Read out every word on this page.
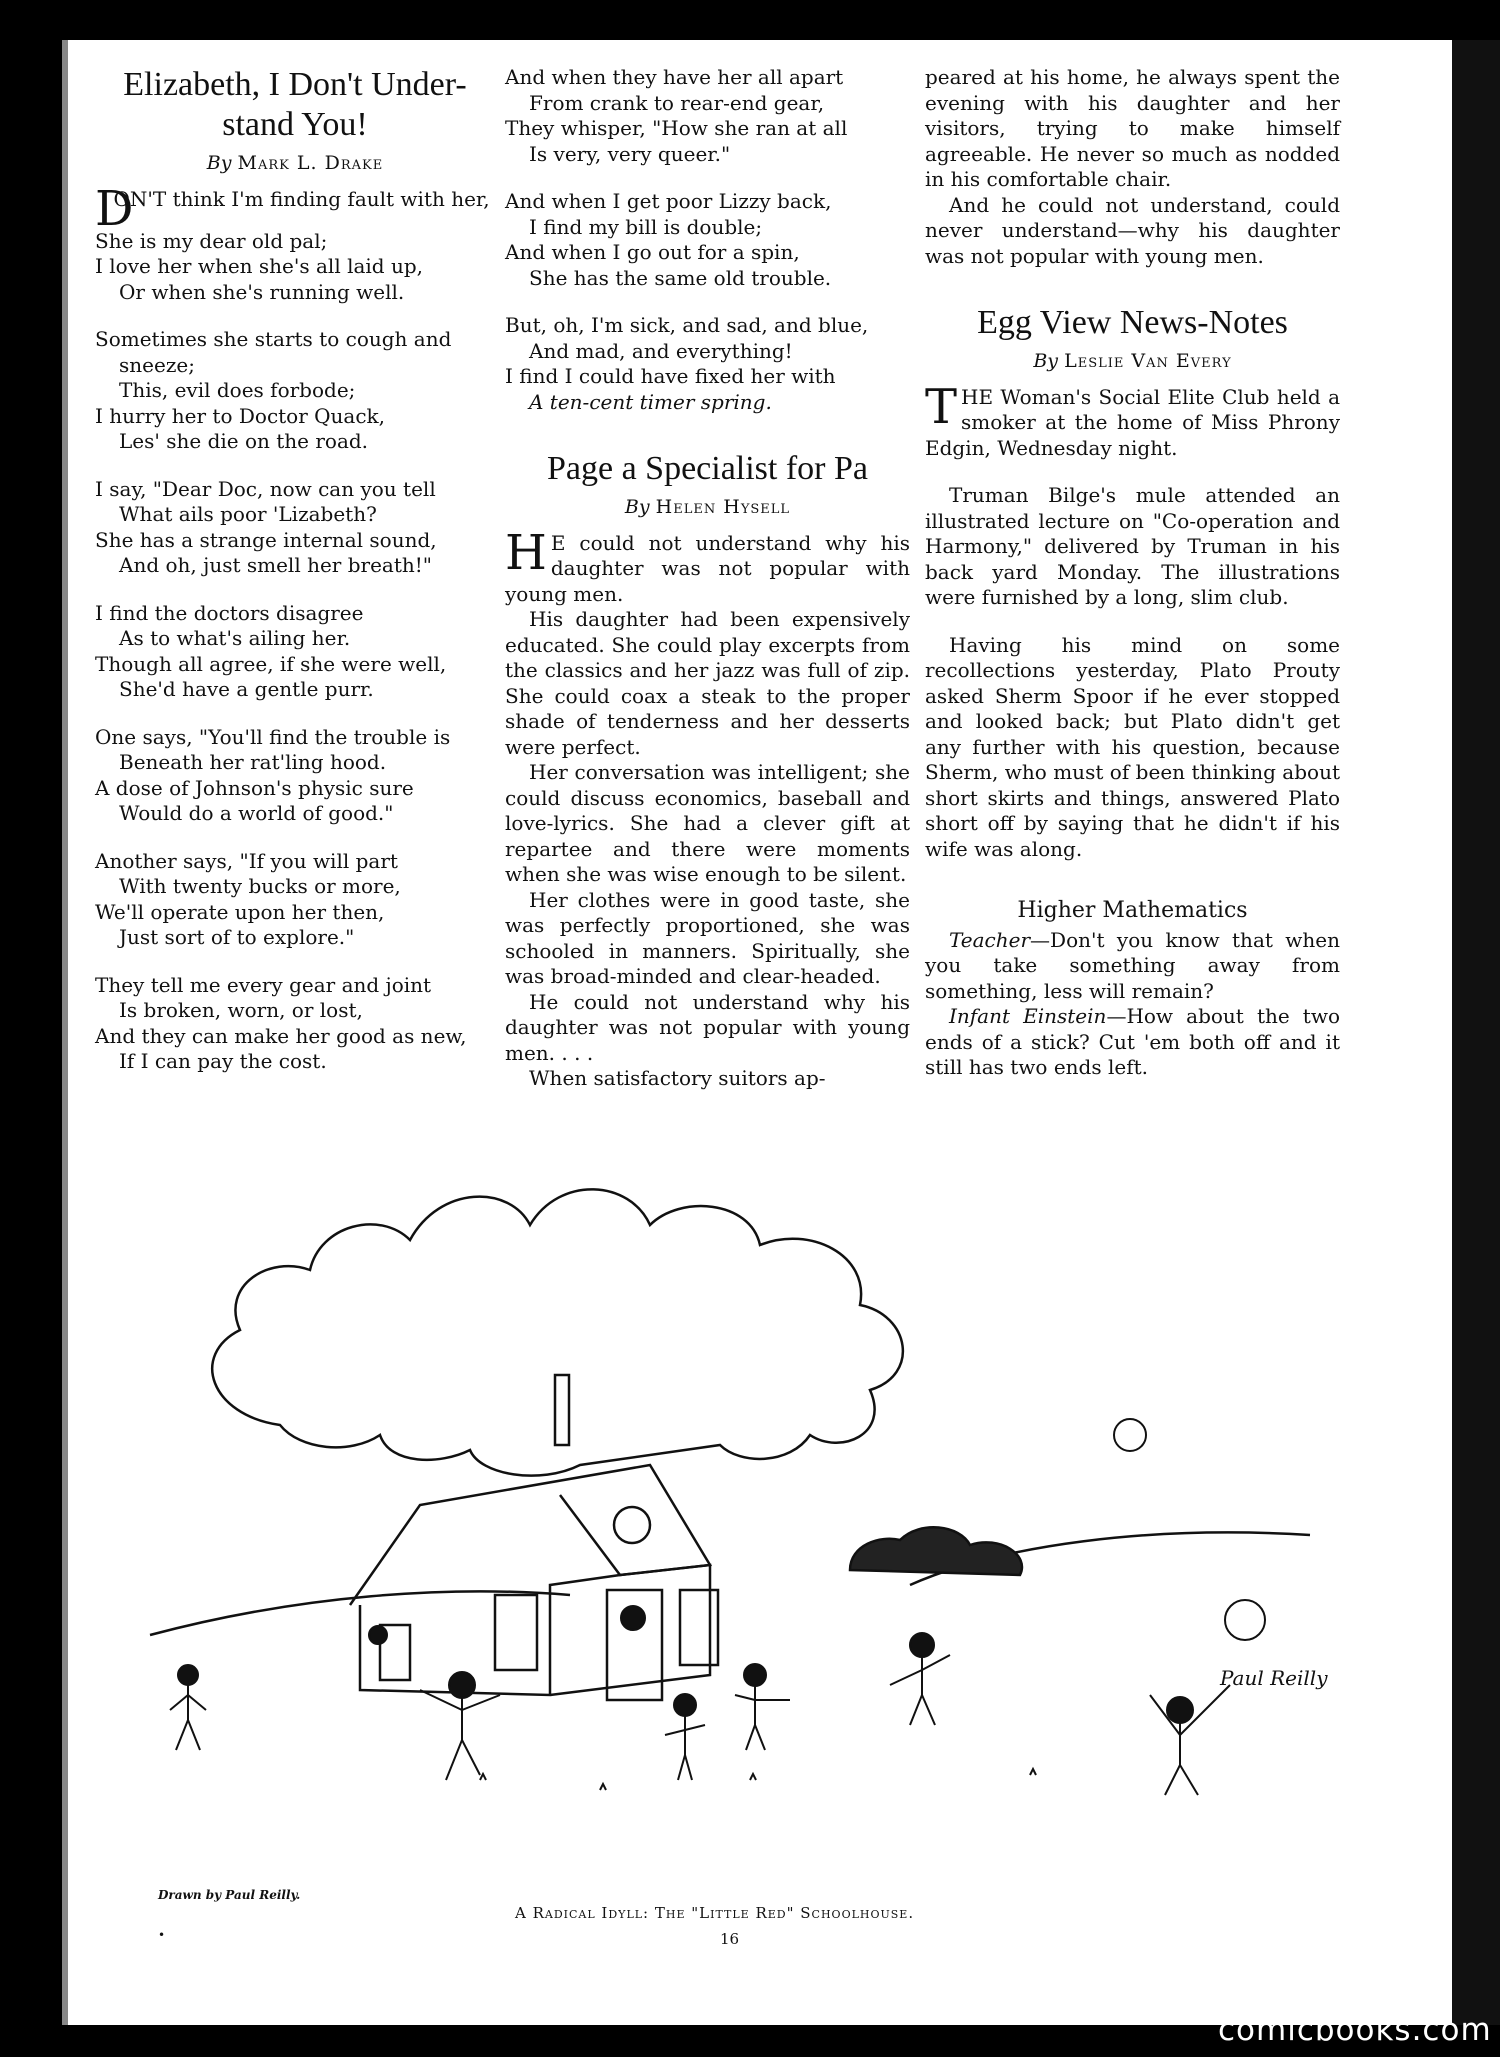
Elizabeth, I Don't Under-
stand You!
By Mark L. Drake
D
ON'T think I'm finding fault with her,
She is my dear old pal;
I love her when she's all laid up,
Or when she's running well.
Sometimes she starts to cough and sneeze;
This, evil does forbode;
I hurry her to Doctor Quack,
Les' she die on the road.
I say, "Dear Doc, now can you tell
What ails poor 'Lizabeth?
She has a strange internal sound,
And oh, just smell her breath!"
I find the doctors disagree
As to what's ailing her.
Though all agree, if she were well,
She'd have a gentle purr.
One says, "You'll find the trouble is
Beneath her rat'ling hood.
A dose of Johnson's physic sure
Would do a world of good."
Another says, "If you will part
With twenty bucks or more,
We'll operate upon her then,
Just sort of to explore."
They tell me every gear and joint
Is broken, worn, or lost,
And they can make her good as new,
If I can pay the cost.
And when they have her all apart
From crank to rear-end gear,
They whisper, "How she ran at all
Is very, very queer."
And when I get poor Lizzy back,
I find my bill is double;
And when I go out for a spin,
She has the same old trouble.
But, oh, I'm sick, and sad, and blue,
And mad, and everything!
I find I could have fixed her with
A ten-cent timer spring.
Page a Specialist for Pa
By Helen Hysell

H E could not understand why his daughter was not popular with young men.

His daughter had been expensively educated. She could play excerpts from the classics and her jazz was full of zip. She could coax a steak to the proper shade of tenderness and her desserts were perfect.

Her conversation was intelligent; she could discuss economics, baseball and love-lyrics. She had a clever gift at repartee and there were moments when she was wise enough to be silent.

Her clothes were in good taste, she was perfectly proportioned, she was schooled in manners. Spiritually, she was broad-minded and clear-headed.

He could not understand why his daughter was not popular with young men. . . .

When satisfactory suitors ap-

peared at his home, he always spent the evening with his daughter and her visitors, trying to make himself agreeable. He never so much as nodded in his comfortable chair.

And he could not understand, could never understand—why his daughter was not popular with young men.

Egg View News-Notes
By Leslie Van Every

THE Woman's Social Elite Club held a smoker at the home of Miss Phrony Edgin, Wednesday night.

Truman Bilge's mule attended an illustrated lecture on "Co-operation and Harmony," delivered by Truman in his back yard Monday. The illustrations were furnished by a long, slim club.

Having his mind on some recollections yesterday, Plato Prouty asked Sherm Spoor if he ever stopped and looked back; but Plato didn't get any further with his question, because Sherm, who must of been thinking about short skirts and things, answered Plato short off by saying that he didn't if his wife was along.

Higher Mathematics

Teacher—Don't you know that when you take something away from something, less will remain?

Infant Einstein—How about the two ends of a stick? Cut 'em both off and it still has two ends left.

Paul Reilly
Drawn by Paul Reilly.
A Radical Idyll: The "Little Red" Schoolhouse.
•	16
comicbooks.com
